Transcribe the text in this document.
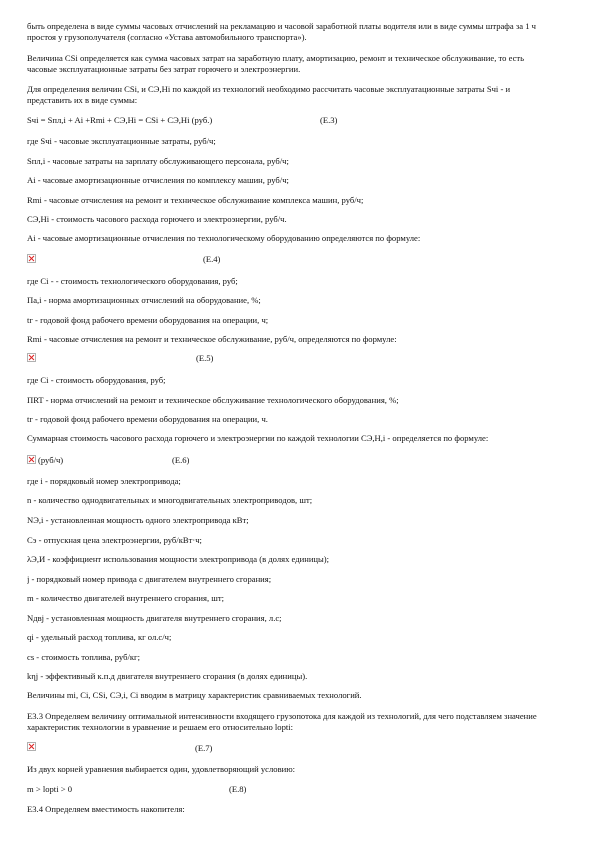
быть определена в виде суммы часовых отчислений на рекламацию и часовой заработной платы водителя или в виде суммы штрафа за 1 ч

простоя у грузополучателя (согласно «Устава автомобильного транспорта»).

Величина CSi определяется как сумма часовых затрат на заработную плату, амортизацию, ремонт и техническое обслуживание, то есть

часовые эксплуатационные затраты без затрат горючего и электроэнергии.

Для определения величин CSi, и CЭ,Hi по каждой из технологий необходимо рассчитать часовые эксплуатационные затраты Sчi - и

представить их в виде суммы:

Sчi = Sпл,i + Ai +Rmi + CЭ,Hi = CSi + CЭ,Hi (руб.)	(Е.3)

где Sчi - часовые эксплуатационные затраты, руб/ч;

Sпл,i - часовые затраты на зарплату обслуживающего персонала, руб/ч;

Ai - часовые амортизационные отчисления по комплексу машин, руб/ч;

Rmi - часовые отчисления на ремонт и техническое обслуживание комплекса машин, руб/ч;

CЭ,Hi - стоимость часового расхода горючего и электроэнергии, руб/ч.

Ai - часовые амортизационные отчисления по технологическому оборудованию определяются по формуле:

(Е.4)

где Ci - - стоимость технологического оборудования, руб;

Па,i - норма амортизационных отчислений на оборудование, %;

tг - годовой фонд рабочего времени оборудования на операции, ч;

Rmi - часовые отчисления на ремонт и техническое обслуживание, руб/ч, определяются по формуле:

(Е.5)

где Ci - стоимость оборудования, руб;

ПRT - норма отчислений на ремонт и техническое обслуживание технологического оборудования, %;

tг - годовой фонд рабочего времени оборудования на операции, ч.

Суммарная стоимость часового расхода горючего и электроэнергии по каждой технологии CЭ,Н,i - определяется по формуле:

(руб/ч)	(Е.6)

где i - порядковый номер электропривода;

n - количество однодвигательных и многодвигательных электроприводов, шт;

NЭ,i - установленная мощность одного электропривода кВт;

Cэ - отпускная цена электроэнергии, руб/кВт·ч;

λЭ,И - коэффициент использования мощности электропривода (в долях единицы);

j - порядковый номер привода с двигателем внутреннего сгорания;

m - количество двигателей внутреннего сгорания, шт;

Nдвj - установленная мощность двигателя внутреннего сгорания, л.с;

qi - удельный расход топлива, кг ол.с/ч;

cs - стоимость топлива, руб/кг;

kηj - эффективный к.п.д двигателя внутреннего сгорания (в долях единицы).

Величины mi, Ci, CSi, CЭ,i, Ci вводим в матрицу характеристик сравниваемых технологий.

Е3.3 Определяем величину оптимальной интенсивности входящего грузопотока для каждой из технологий, для чего подставляем значение

характеристик технологии в уравнение и решаем его относительно lopti:

(Е.7)

Из двух корней уравнения выбирается один, удовлетворяющий условию:

m > lopti > 0	(Е.8)

Е3.4 Определяем вместимость накопителя:
